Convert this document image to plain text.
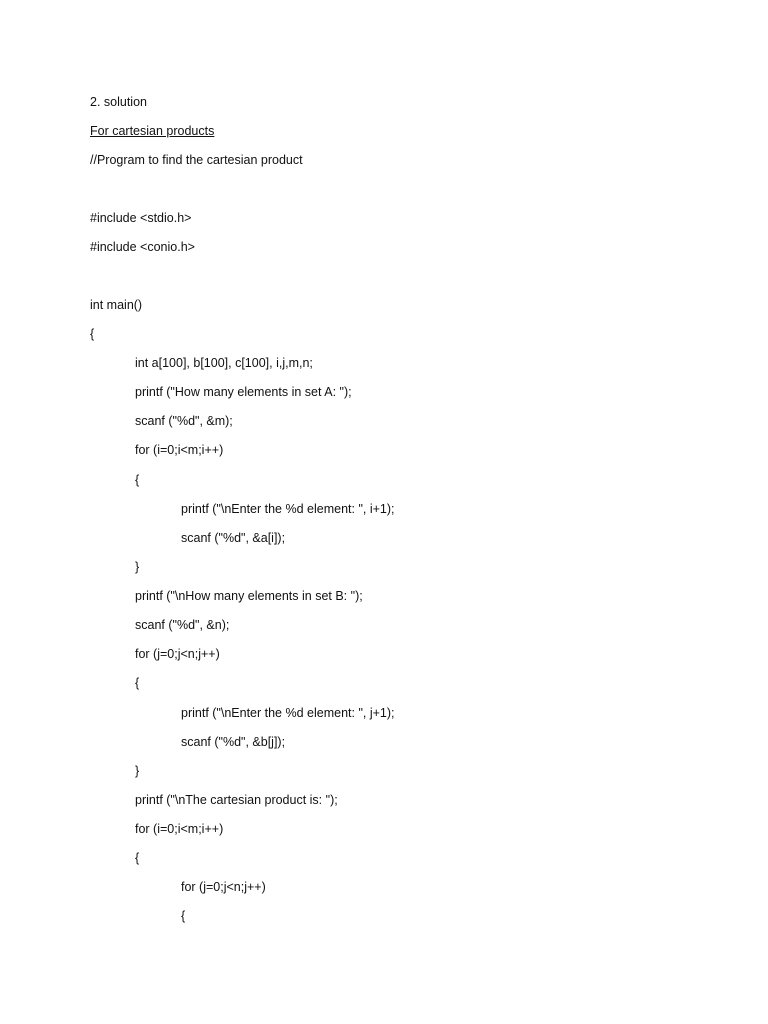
2. solution
For cartesian products
//Program to find the cartesian product
#include <stdio.h>
#include <conio.h>
int main()
{
int a[100], b[100], c[100], i,j,m,n;
printf ("How many elements in set A: ");
scanf ("%d", &m);
for (i=0;i<m;i++)
{
printf ("\nEnter the %d element: ", i+1);
scanf ("%d", &a[i]);
}
printf ("\nHow many elements in set B: ");
scanf ("%d", &n);
for (j=0;j<n;j++)
{
printf ("\nEnter the %d element: ", j+1);
scanf ("%d", &b[j]);
}
printf ("\nThe cartesian product is: ");
for (i=0;i<m;i++)
{
for (j=0;j<n;j++)
{
